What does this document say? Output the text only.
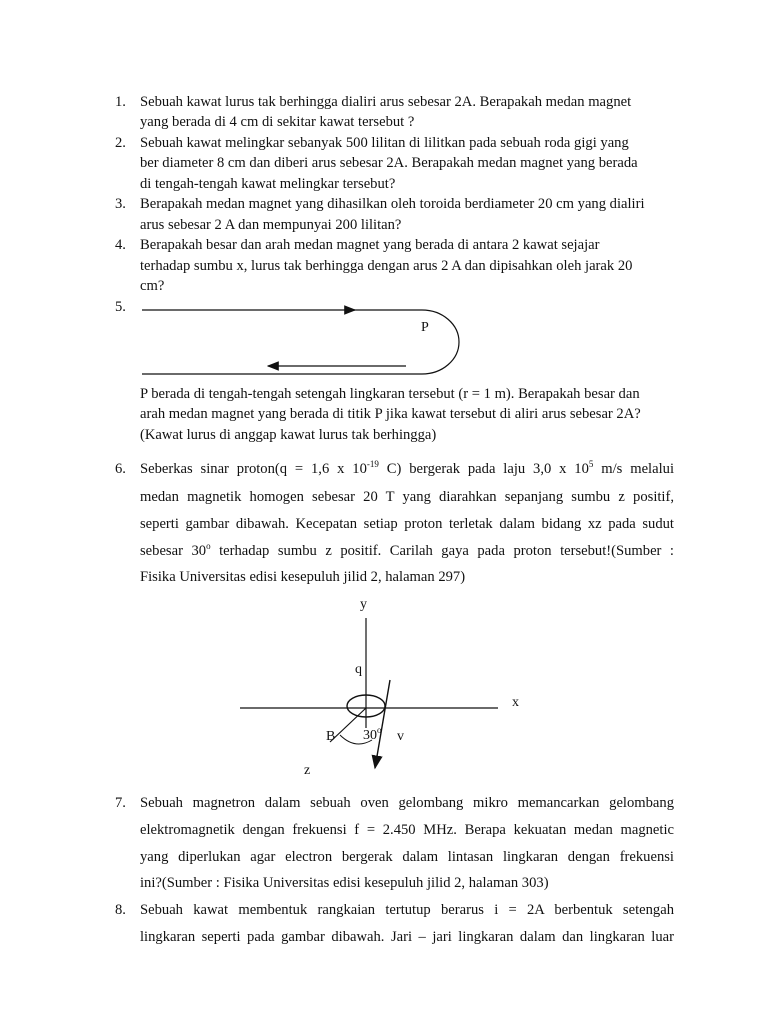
1. Sebuah kawat lurus tak berhingga dialiri arus sebesar 2A. Berapakah medan magnet
yang berada di 4 cm di sekitar kawat tersebut ?
2. Sebuah kawat melingkar sebanyak 500 lilitan di lilitkan pada sebuah roda gigi yang
ber diameter 8 cm dan diberi arus sebesar 2A. Berapakah medan magnet yang berada
di tengah-tengah kawat melingkar tersebut?
3. Berapakah medan magnet yang dihasilkan oleh toroida berdiameter 20 cm yang dialiri
arus sebesar 2 A dan mempunyai 200 lilitan?
4. Berapakah besar dan arah medan magnet yang berada di antara 2 kawat sejajar
terhadap sumbu x, lurus tak berhingga dengan arus 2 A dan dipisahkan oleh jarak 20
cm?
5.
P
P berada di tengah-tengah setengah lingkaran tersebut (r = 1 m). Berapakah besar dan
arah medan magnet yang berada di titik P jika kawat tersebut di aliri arus sebesar 2A?
(Kawat lurus di anggap kawat lurus tak berhingga)
6. Seberkas sinar proton(q = 1,6 x $10^{-19}$ C) bergerak pada laju 3,0 x $10^5$ m/s melalui
medan magnetik homogen sebesar 20 T yang diarahkan sepanjang sumbu z positif,
seperti gambar dibawah. Kecepatan setiap proton terletak dalam bidang xz pada sudut
sebesar 30$^o$ terhadap sumbu z positif. Carilah gaya pada proton tersebut!(Sumber :
Fisika Universitas edisi kesepuluh jilid 2, halaman 297)
y
x
z
q
B 30$^o$ v
7. Sebuah magnetron dalam sebuah oven gelombang mikro memancarkan gelombang
elektromagnetik dengan frekuensi f = 2.450 MHz. Berapa kekuatan medan magnetic
yang diperlukan agar electron bergerak dalam lintasan lingkaran dengan frekuensi
ini?(Sumber : Fisika Universitas edisi kesepuluh jilid 2, halaman 303)
8. Sebuah kawat membentuk rangkaian tertutup berarus i = 2A berbentuk setengah
lingkaran seperti pada gambar dibawah. Jari – jari lingkaran dalam dan lingkaran luar
